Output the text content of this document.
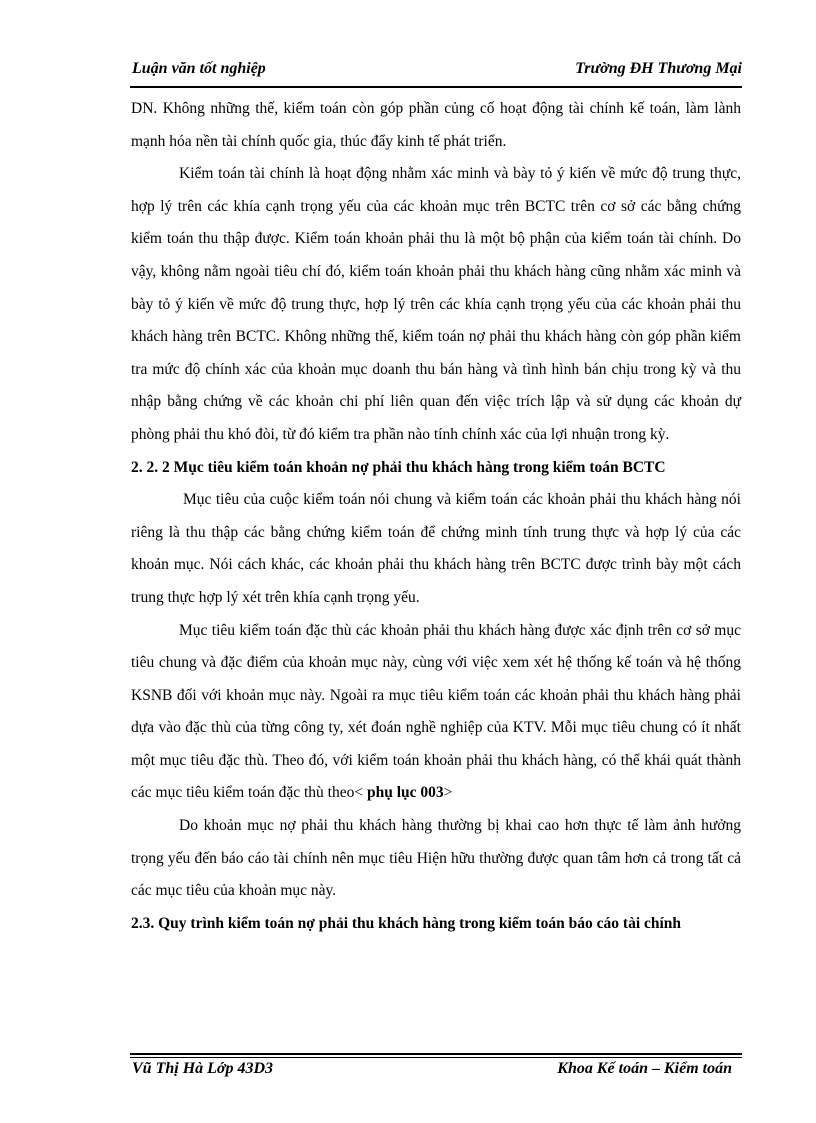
Luận văn tốt nghiệp	Trường ĐH Thương Mại

DN. Không những thế, kiểm toán còn góp phần củng cố hoạt động tài chính kế toán, làm lành mạnh hóa nền tài chính quốc gia, thúc đẩy kinh tế phát triển.

Kiểm toán tài chính là hoạt động nhằm xác minh và bày tỏ ý kiến về mức độ trung thực, hợp lý trên các khía cạnh trọng yếu của các khoản mục trên BCTC trên cơ sở các bằng chứng kiểm toán thu thập được. Kiểm toán khoản phải thu là một bộ phận của kiểm toán tài chính. Do vậy, không nằm ngoài tiêu chí đó, kiểm toán khoản phải thu khách hàng cũng nhằm xác minh và bày tỏ ý kiến về mức độ trung thực, hợp lý trên các khía cạnh trọng yếu của các khoản phải thu khách hàng trên BCTC. Không những thế, kiểm toán nợ phải thu khách hàng còn góp phần kiểm tra mức độ chính xác của khoản mục doanh thu bán hàng và tình hình bán chịu trong kỳ và thu nhập bằng chứng về các khoản chi phí liên quan đến việc trích lập và sử dụng các khoản dự phòng phải thu khó đòi, từ đó kiểm tra phần nào tính chính xác của lợi nhuận trong kỳ.

2. 2. 2 Mục tiêu kiểm toán khoản nợ phải thu khách hàng trong kiểm toán BCTC

Mục tiêu của cuộc kiểm toán nói chung và kiểm toán các khoản phải thu khách hàng nói riêng là thu thập các bằng chứng kiểm toán để chứng minh tính trung thực và hợp lý của các khoản mục. Nói cách khác, các khoản phải thu khách hàng trên BCTC được trình bày một cách trung thực hợp lý xét trên khía cạnh trọng yếu.

Mục tiêu kiểm toán đặc thù các khoản phải thu khách hàng được xác định trên cơ sở mục tiêu chung và đặc điểm của khoản mục này, cùng với việc xem xét hệ thống kế toán và hệ thống KSNB đối với khoản mục này. Ngoài ra mục tiêu kiểm toán các khoản phải thu khách hàng phải dựa vào đặc thù của từng công ty, xét đoán nghề nghiệp của KTV. Mỗi mục tiêu chung có ít nhất một mục tiêu đặc thù. Theo đó, với kiểm toán khoản phải thu khách hàng, có thể khái quát thành các mục tiêu kiểm toán đặc thù theo< phụ lục 003>

Do khoản mục nợ phải thu khách hàng thường bị khai cao hơn thực tế làm ảnh hưởng trọng yếu đến báo cáo tài chính nên mục tiêu Hiện hữu thường được quan tâm hơn cả trong tất cả các mục tiêu của khoản mục này.

2.3. Quy trình kiểm toán nợ phải thu khách hàng trong kiểm toán báo cáo tài chính

Vũ Thị Hà Lớp 43D3	Khoa Kế toán – Kiểm toán
